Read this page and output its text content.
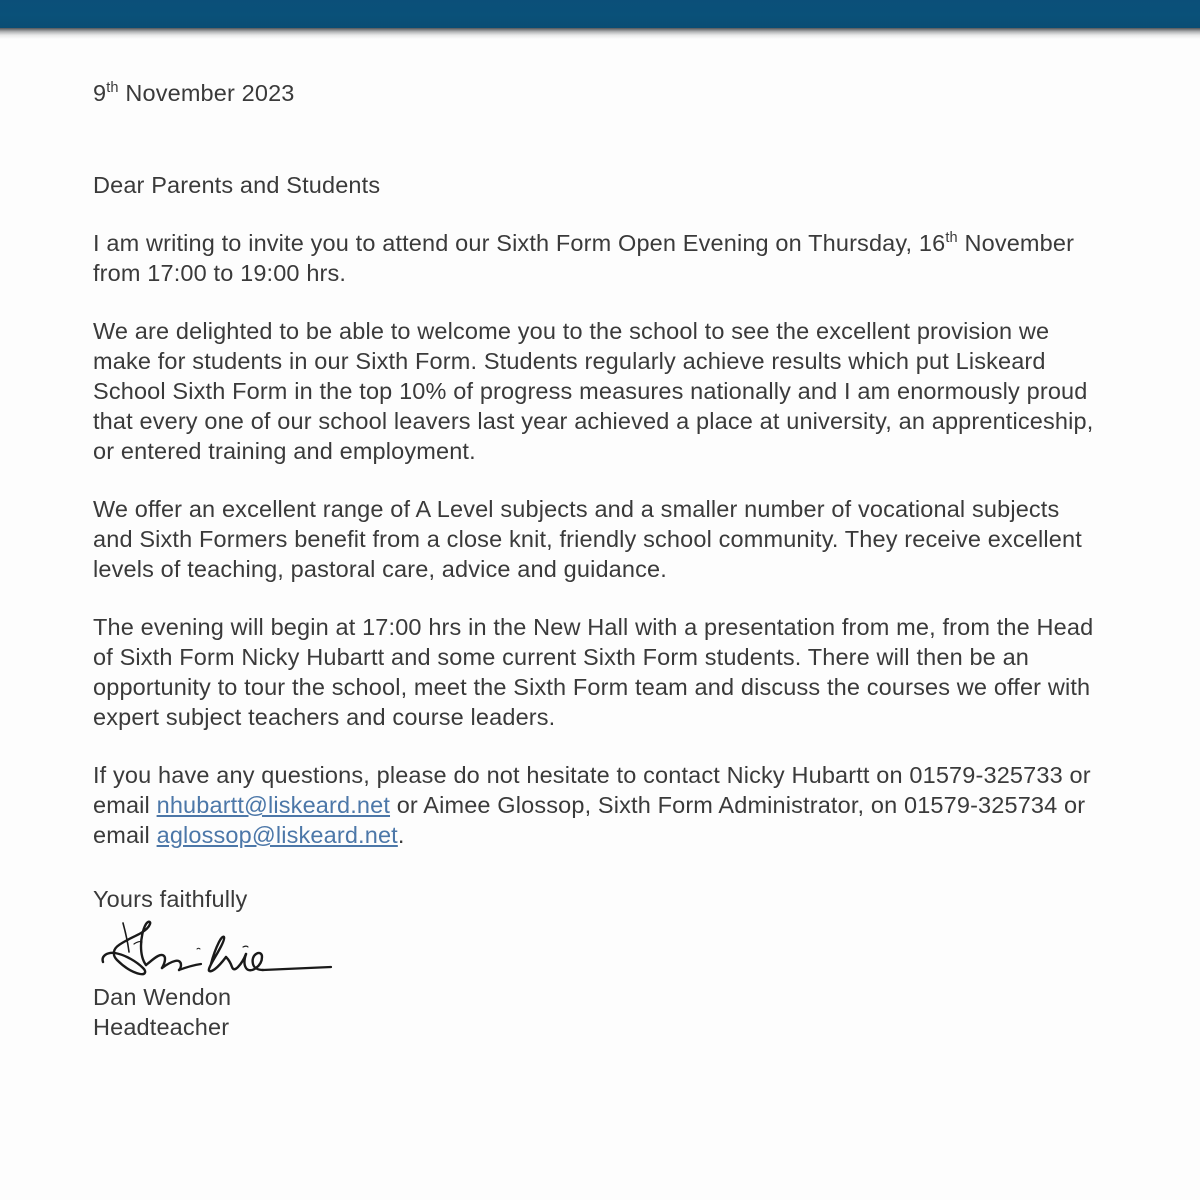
9th November 2023
Dear Parents and Students

I am writing to invite you to attend our Sixth Form Open Evening on Thursday, 16th November from 17:00 to 19:00 hrs.

We are delighted to be able to welcome you to the school to see the excellent provision we make for students in our Sixth Form. Students regularly achieve results which put Liskeard School Sixth Form in the top 10% of progress measures nationally and I am enormously proud that every one of our school leavers last year achieved a place at university, an apprenticeship, or entered training and employment.

We offer an excellent range of A Level subjects and a smaller number of vocational subjects and Sixth Formers benefit from a close knit, friendly school community. They receive excellent levels of teaching, pastoral care, advice and guidance.

The evening will begin at 17:00 hrs in the New Hall with a presentation from me, from the Head of Sixth Form Nicky Hubartt and some current Sixth Form students. There will then be an opportunity to tour the school, meet the Sixth Form team and discuss the courses we offer with expert subject teachers and course leaders.

If you have any questions, please do not hesitate to contact Nicky Hubartt on 01579-325733 or email nhubartt@liskeard.net or Aimee Glossop, Sixth Form Administrator, on 01579-325734 or email aglossop@liskeard.net.

Yours faithfully
Dan Wendon
Headteacher
